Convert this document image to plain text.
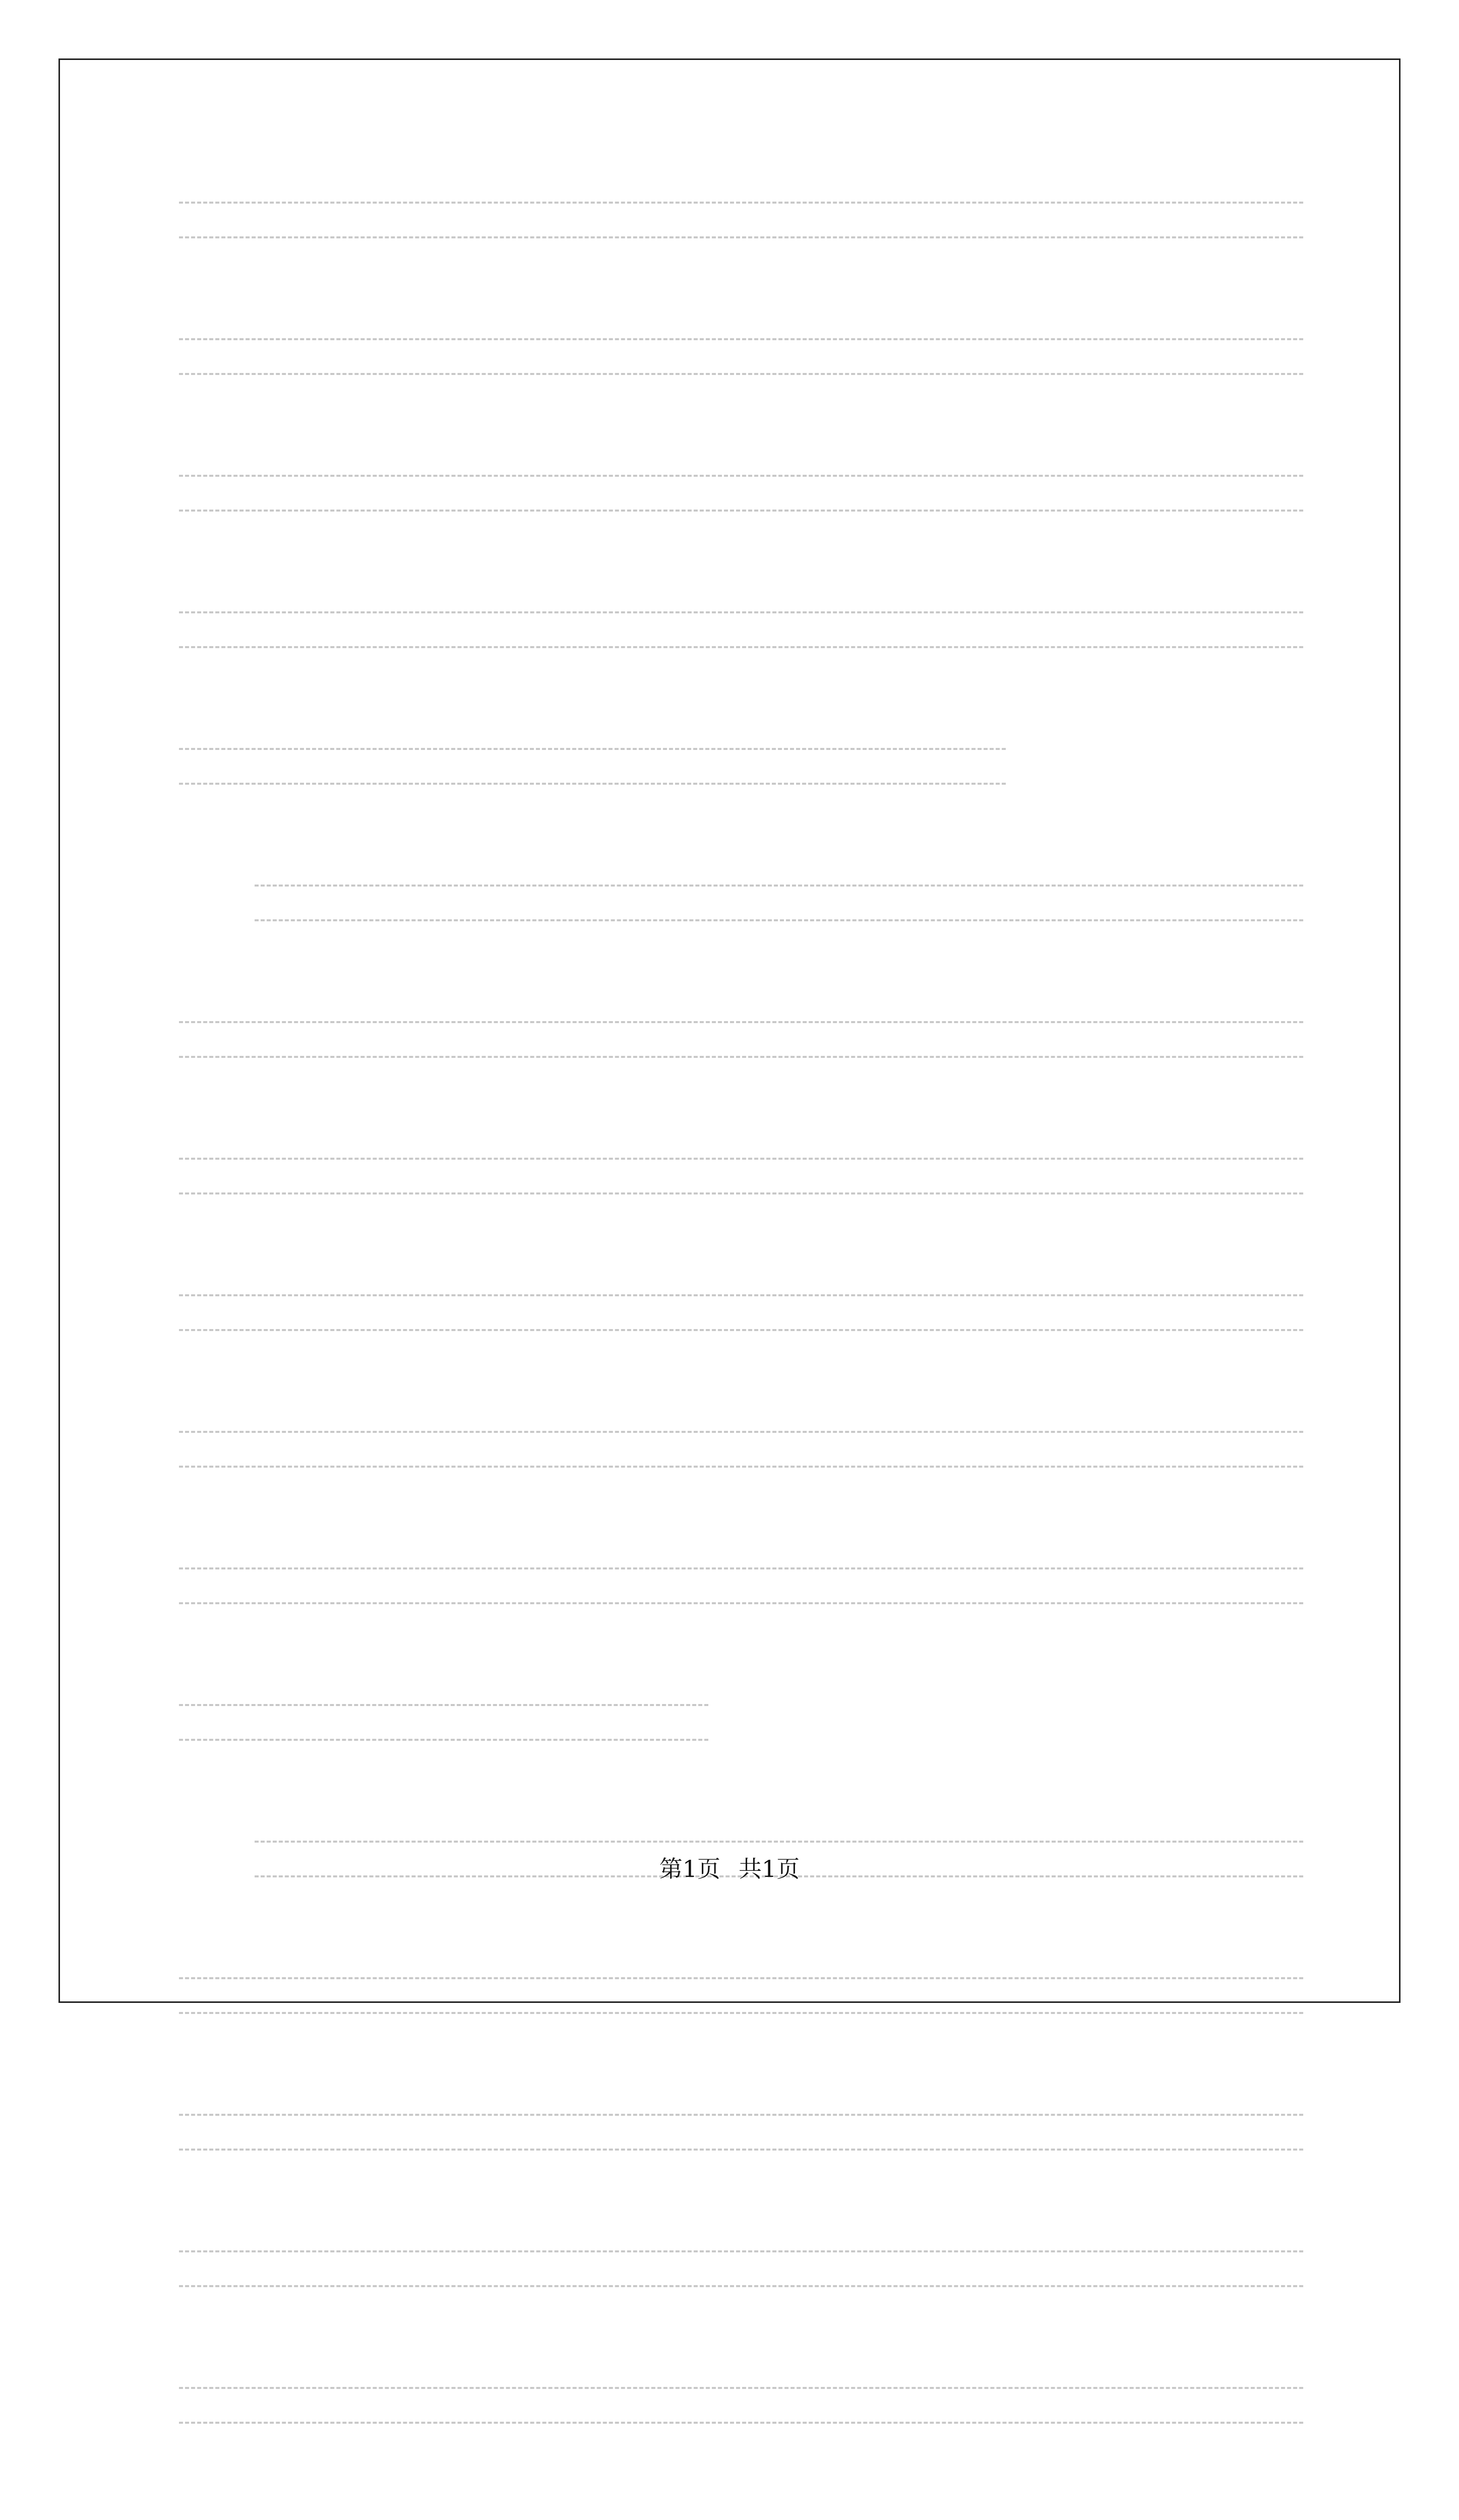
第1页 共1页
